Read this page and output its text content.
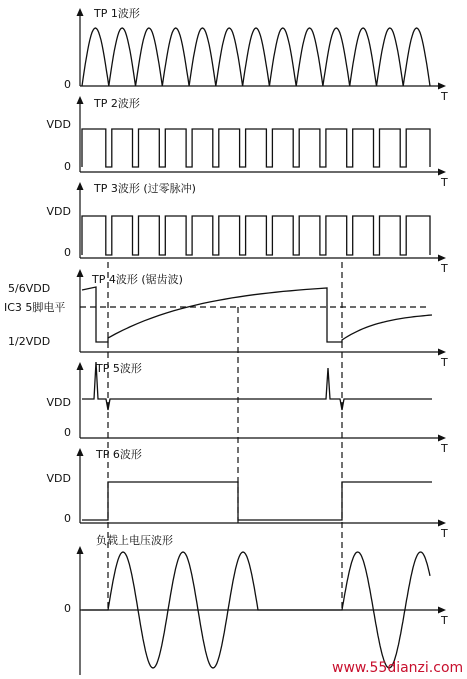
TP 1波形
0
T
TP 2波形
VDD
0
T
TP 3波形 (过零脉冲)
VDD
0
T
TP 4波形 (锯齿波)
5/6VDD
IC3 5脚电平
1/2VDD
T
TP 5波形
VDD
0
T
TP 6波形
VDD
0
T
负载上电压波形
0
T
www.55dianzi.com
